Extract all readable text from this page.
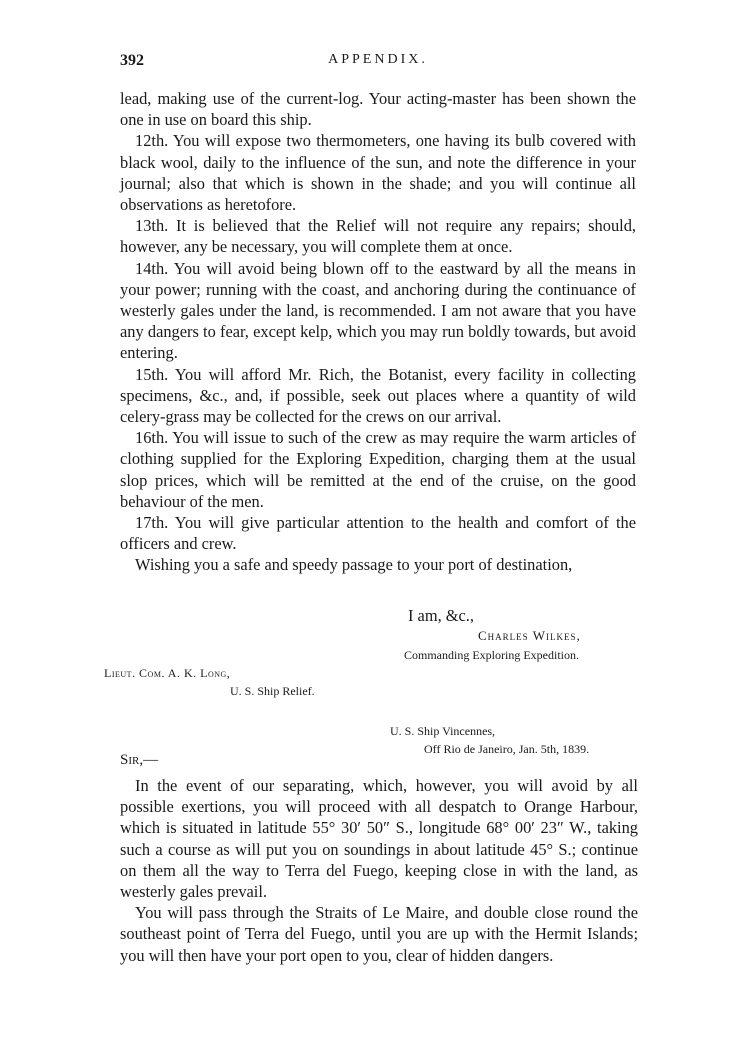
392	APPENDIX.

lead, making use of the current-log. Your acting-master has been shown the one in use on board this ship.

12th. You will expose two thermometers, one having its bulb covered with black wool, daily to the influence of the sun, and note the difference in your journal; also that which is shown in the shade; and you will continue all observations as heretofore.

13th. It is believed that the Relief will not require any repairs; should, however, any be necessary, you will complete them at once.

14th. You will avoid being blown off to the eastward by all the means in your power; running with the coast, and anchoring during the continuance of westerly gales under the land, is recommended. I am not aware that you have any dangers to fear, except kelp, which you may run boldly towards, but avoid entering.

15th. You will afford Mr. Rich, the Botanist, every facility in collecting specimens, &c., and, if possible, seek out places where a quantity of wild celery-grass may be collected for the crews on our arrival.

16th. You will issue to such of the crew as may require the warm articles of clothing supplied for the Exploring Expedition, charging them at the usual slop prices, which will be remitted at the end of the cruise, on the good behaviour of the men.

17th. You will give particular attention to the health and comfort of the officers and crew.

Wishing you a safe and speedy passage to your port of destination,

I am, &c.,
Charles Wilkes,
Commanding Exploring Expedition.
Lieut. Com. A. K. Long,
U. S. Ship Relief.
U. S. Ship Vincennes,
Off Rio de Janeiro, Jan. 5th, 1839.
Sir,—

In the event of our separating, which, however, you will avoid by all possible exertions, you will proceed with all despatch to Orange Harbour, which is situated in latitude 55° 30′ 50″ S., longitude 68° 00′ 23″ W., taking such a course as will put you on soundings in about latitude 45° S.; continue on them all the way to Terra del Fuego, keeping close in with the land, as westerly gales prevail.

You will pass through the Straits of Le Maire, and double close round the southeast point of Terra del Fuego, until you are up with the Hermit Islands; you will then have your port open to you, clear of hidden dangers.
